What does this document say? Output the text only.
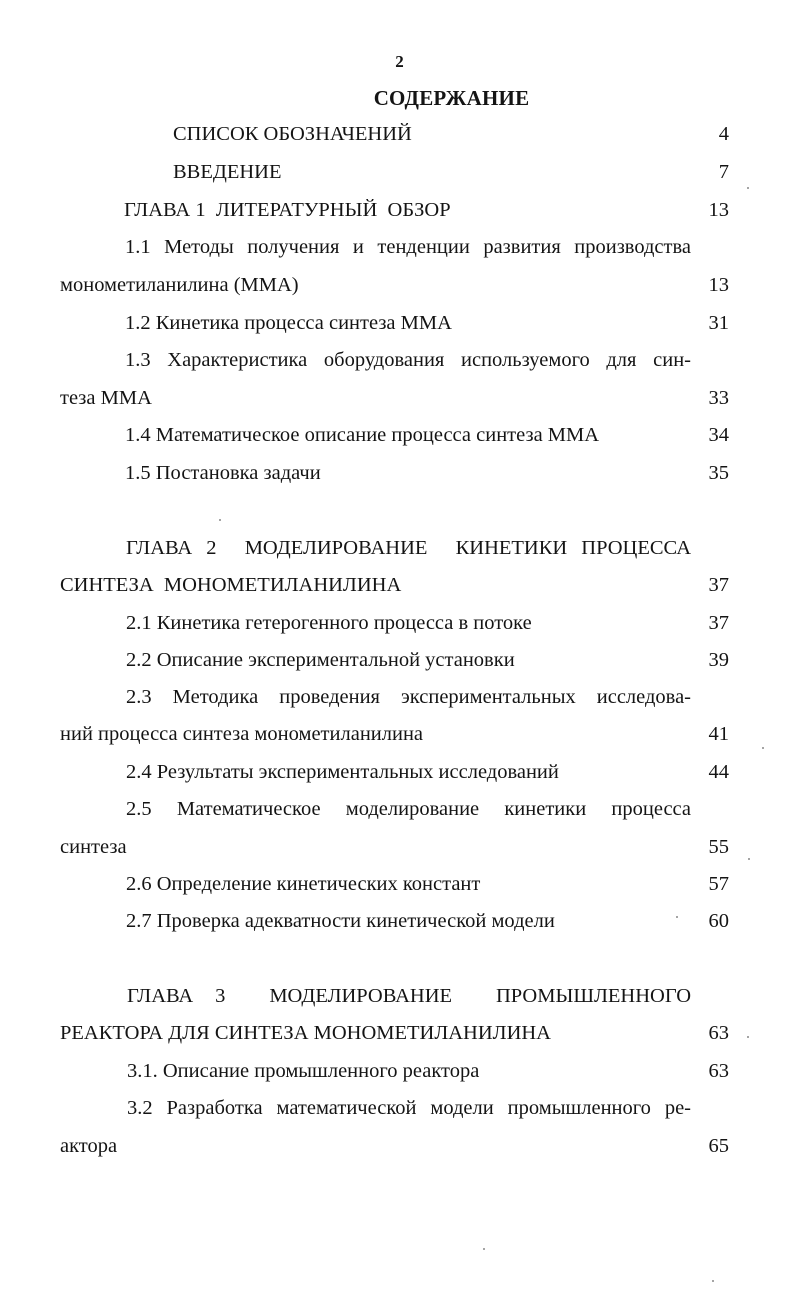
2
СОДЕРЖАНИЕ
СПИСОК ОБОЗНАЧЕНИЙ	4
ВВЕДЕНИЕ	7
ГЛАВА 1  ЛИТЕРАТУРНЫЙ  ОБЗОР	13
1.1 Методы получения и тенденции развития производства
монометиланилина (ММА)	13
1.2 Кинетика процесса синтеза ММА	31
1.3 Характеристика оборудования используемого для син-
теза ММА	33
1.4 Математическое описание процесса синтеза ММА	34
1.5 Постановка задачи	35
ГЛАВА 2  МОДЕЛИРОВАНИЕ  КИНЕТИКИ ПРОЦЕССА
СИНТЕЗА  МОНОМЕТИЛАНИЛИНА	37
2.1 Кинетика гетерогенного процесса в потоке	37
2.2 Описание экспериментальной установки	39
2.3 Методика проведения экспериментальных исследова-
ний процесса синтеза монометиланилина	41
2.4 Результаты экспериментальных исследований	44
2.5 Математическое моделирование кинетики процесса
синтеза	55
2.6 Определение кинетических констант	57
2.7 Проверка адекватности кинетической модели	60
ГЛАВА 3  МОДЕЛИРОВАНИЕ  ПРОМЫШЛЕННОГО
РЕАКТОРА ДЛЯ СИНТЕЗА МОНОМЕТИЛАНИЛИНА	63
3.1. Описание промышленного реактора	63
3.2 Разработка математической модели промышленного ре-
актора	65
